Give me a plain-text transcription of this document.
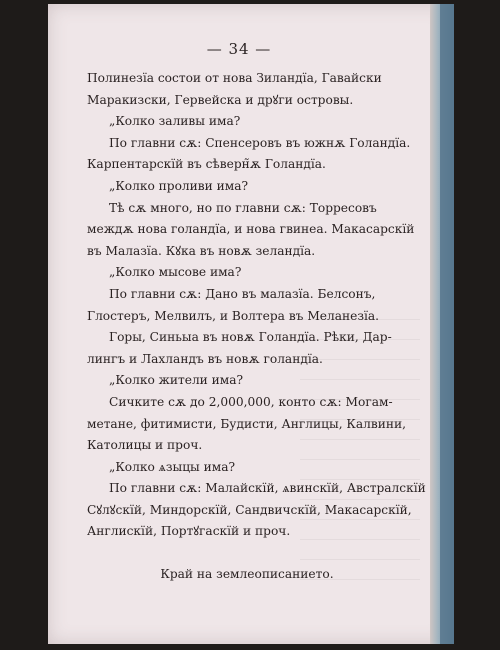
— 34 —
Полинезїа состои от нова Зиландїа, Гавайски
Маракизски, Гервейска и дрꙋги островы.
„Колко заливы има?
По главни сѫ: Спенсеровъ въ южнѫ Голандїа.
Карпентарскїй въ сѣверн̃ѫ Голандїа.
„Колко проливи има?
Тѣ сѫ много, но по главни сѫ: Торресовъ
междѫ нова голандїа, и нова гвинеа. Макасарскїй
въ Малазїа. Кꙋка въ новѫ зеландїа.
„Колко мысове има?
По главни сѫ: Дано въ малазїа. Белсонъ,
Глостеръ, Мелвилъ, и Волтера въ Меланезїа.
Горы, Синьыа въ новѫ Голандїа. Рѣки, Дар-
лингъ и Лахландъ въ новѫ голандїа.
„Колко жители има?
Сичките сѫ до 2,000,000, конто сѫ: Могам-
метане, фитимисти, Будисти, Англицы, Калвини,
Католицы и проч.
„Колко ѧзыцы има?
По главни сѫ: Малайскїй, ѧвинскїй, Австралскїй
Сꙋлꙋскїй, Миндорскїй, Сандвичскїй, Макасарскїй,
Англискїй, Портꙋгаскїй и проч.
Край на землеописанието.
